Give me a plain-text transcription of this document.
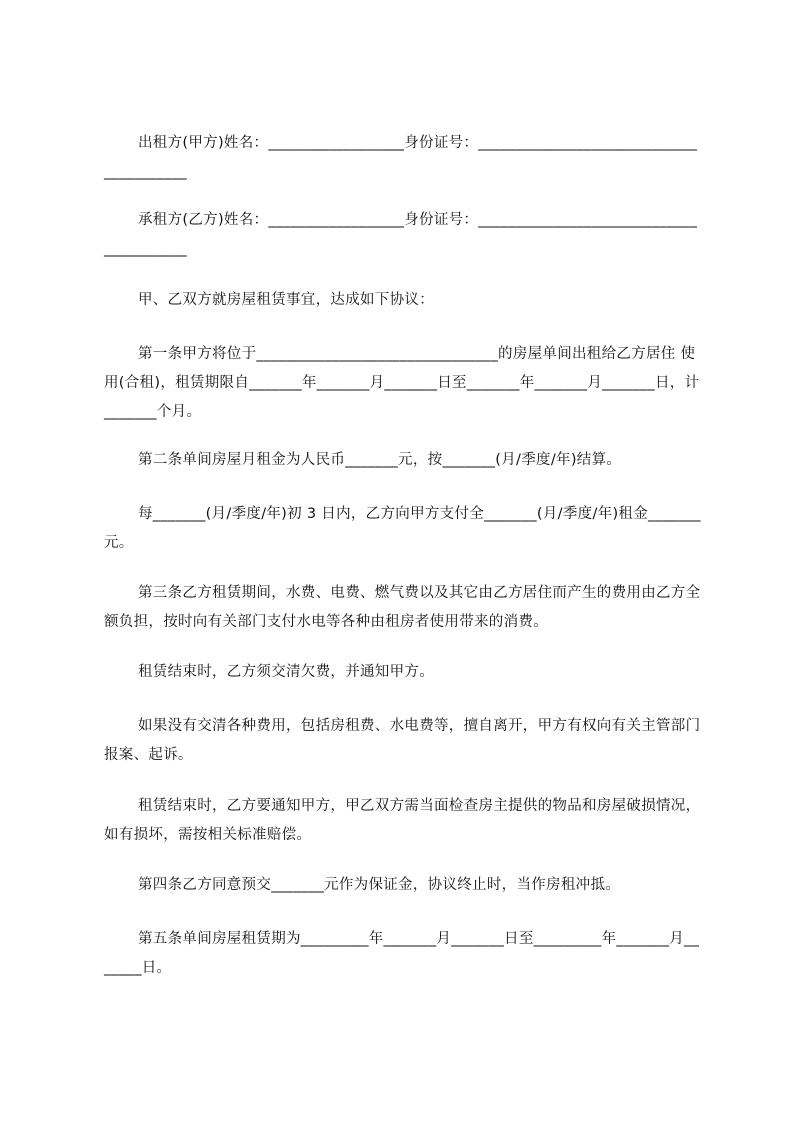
出租方(甲方)姓名：__________________身份证号：________________________________________

承租方(乙方)姓名：__________________身份证号：________________________________________

甲、乙双方就房屋租赁事宜，达成如下协议：

第一条甲方将位于________________________________的房屋单间出租给乙方居住 使用(合租)，租赁期限自_______年_______月_______日至_______年_______月_______日，计_______个月。

第二条单间房屋月租金为人民币_______元，按_______(月/季度/年)结算。

每_______(月/季度/年)初 3 日内，乙方向甲方支付全_______(月/季度/年)租金_______元。

第三条乙方租赁期间，水费、电费、燃气费以及其它由乙方居住而产生的费用由乙方全额负担，按时向有关部门支付水电等各种由租房者使用带来的消费。

租赁结束时，乙方须交清欠费，并通知甲方。

如果没有交清各种费用，包括房租费、水电费等，擅自离开，甲方有权向有关主管部门报案、起诉。

租赁结束时，乙方要通知甲方，甲乙双方需当面检查房主提供的物品和房屋破损情况，如有损坏，需按相关标准赔偿。

第四条乙方同意预交_______元作为保证金，协议终止时，当作房租冲抵。

第五条单间房屋租赁期为_________年_______月_______日至_________年_______月_______日。
